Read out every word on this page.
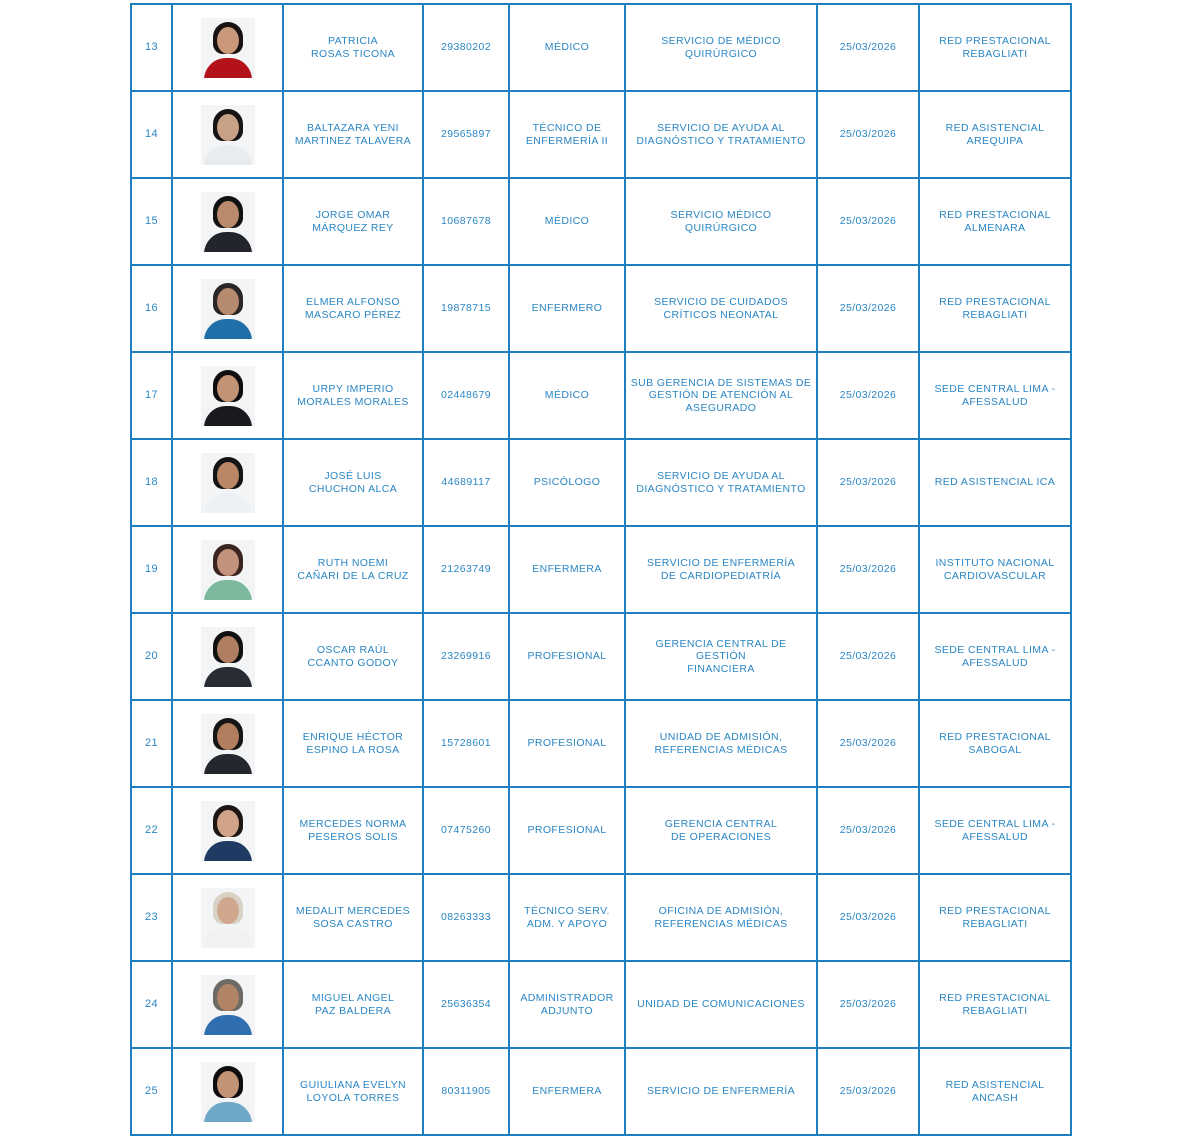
13		PATRICIA
ROSAS TICONA	29380202	MÉDICO	SERVICIO DE MÉDICO
QUIRÚRGICO	25/03/2026	RED PRESTACIONAL
REBAGLIATI
14		BALTAZARA YENI
MARTINEZ TALAVERA	29565897	TÉCNICO DE
ENFERMERÍA II	SERVICIO DE AYUDA AL
DIAGNÓSTICO Y TRATAMIENTO	25/03/2026	RED ASISTENCIAL
AREQUIPA
15		JORGE OMAR
MÁRQUEZ REY	10687678	MÉDICO	SERVICIO MÉDICO
QUIRÚRGICO	25/03/2026	RED PRESTACIONAL
ALMENARA
16		ELMER ALFONSO
MASCARO PÉREZ	19878715	ENFERMERO	SERVICIO DE CUIDADOS
CRÍTICOS NEONATAL	25/03/2026	RED PRESTACIONAL
REBAGLIATI
17		URPY IMPERIO
MORALES MORALES	02448679	MÉDICO	SUB GERENCIA DE SISTEMAS DE
GESTIÓN DE ATENCIÓN AL
ASEGURADO	25/03/2026	SEDE CENTRAL LIMA -
AFESSALUD
18		JOSÉ LUIS
CHUCHON ALCA	44689117	PSICÓLOGO	SERVICIO DE AYUDA AL
DIAGNÓSTICO Y TRATAMIENTO	25/03/2026	RED ASISTENCIAL ICA
19		RUTH NOEMI
CAÑARI DE LA CRUZ	21263749	ENFERMERA	SERVICIO DE ENFERMERÍA
DE CARDIOPEDIATRÍA	25/03/2026	INSTITUTO NACIONAL
CARDIOVASCULAR
20		OSCAR RAÚL
CCANTO GODOY	23269916	PROFESIONAL	GERENCIA CENTRAL DE GESTIÓN
FINANCIERA	25/03/2026	SEDE CENTRAL LIMA -
AFESSALUD
21		ENRIQUE HÉCTOR
ESPINO LA ROSA	15728601	PROFESIONAL	UNIDAD DE ADMISIÓN,
REFERENCIAS MÉDICAS	25/03/2026	RED PRESTACIONAL
SABOGAL
22		MERCEDES NORMA
PESEROS SOLIS	07475260	PROFESIONAL	GERENCIA CENTRAL
DE OPERACIONES	25/03/2026	SEDE CENTRAL LIMA -
AFESSALUD
23		MEDALIT MERCEDES
SOSA CASTRO	08263333	TÉCNICO SERV.
ADM. Y APOYO	OFICINA DE ADMISIÓN,
REFERENCIAS MÉDICAS	25/03/2026	RED PRESTACIONAL
REBAGLIATI
24		MIGUEL ANGEL
PAZ BALDERA	25636354	ADMINISTRADOR
ADJUNTO	UNIDAD DE COMUNICACIONES	25/03/2026	RED PRESTACIONAL
REBAGLIATI
25		GUIULIANA EVELYN
LOYOLA TORRES	80311905	ENFERMERA	SERVICIO DE ENFERMERÍA	25/03/2026	RED ASISTENCIAL
ANCASH
